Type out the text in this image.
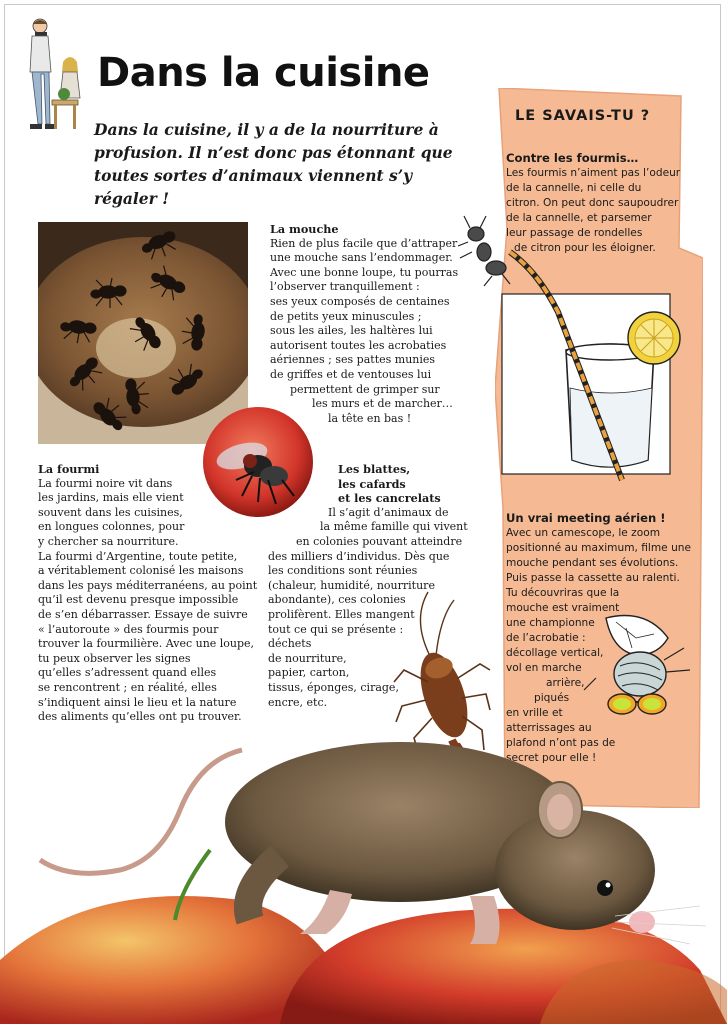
Dans la cuisine

Dans la cuisine, il y a de la nourriture à profusion. Il n’est donc pas étonnant que toutes sortes d’animaux viennent s’y régaler !

La mouche

Rien de plus facile que d’attraper

une mouche sans l’endommager.

Avec une bonne loupe, tu pourras

l’observer tranquillement :

ses yeux composés de centaines

de petits yeux minuscules ;

sous les ailes, les haltères lui

autorisent toutes les acrobaties

aériennes ; ses pattes munies

de griffes et de ventouses lui

permettent de grimper sur

les murs et de marcher…

la tête en bas !

La fourmi

La fourmi noire vit dans

les jardins, mais elle vient

souvent dans les cuisines,

en longues colonnes, pour

y chercher sa nourriture.

La fourmi d’Argentine, toute petite,

a véritablement colonisé les maisons

dans les pays méditerranéens, au point

qu’il est devenu presque impossible

de s’en débarrasser. Essaye de suivre

« l’autoroute » des fourmis pour

trouver la fourmilière. Avec une loupe,

tu peux observer les signes

qu’elles s’adressent quand elles

se rencontrent ; en réalité, elles

s’indiquent ainsi le lieu et la nature

des aliments qu’elles ont pu trouver.

Les blattes,
les cafards
et les cancrelats

Il s’agit d’animaux de

la même famille qui vivent

en colonies pouvant atteindre

des milliers d’individus. Dès que

les conditions sont réunies

(chaleur, humidité, nourriture

abondante), ces colonies

prolifèrent. Elles mangent

tout ce qui se présente :

déchets

de nourriture,

papier, carton,

tissus, éponges, cirage,

encre, etc.

LE SAVAIS-TU ?
Contre les fourmis…

Les fourmis n’aiment pas l’odeur

de la cannelle, ni celle du

citron. On peut donc saupoudrer

de la cannelle, et parsemer

leur passage de rondelles

de citron pour les éloigner.

Un vrai meeting aérien !

Avec un camescope, le zoom

positionné au maximum, filme une

mouche pendant ses évolutions.

Puis passe la cassette au ralenti.

Tu découvriras que la

mouche est vraiment

une championne

de l’acrobatie :

décollage vertical,

vol en marche

arrière,

piqués

en vrille et

atterrissages au

plafond n’ont pas de

secret pour elle !
